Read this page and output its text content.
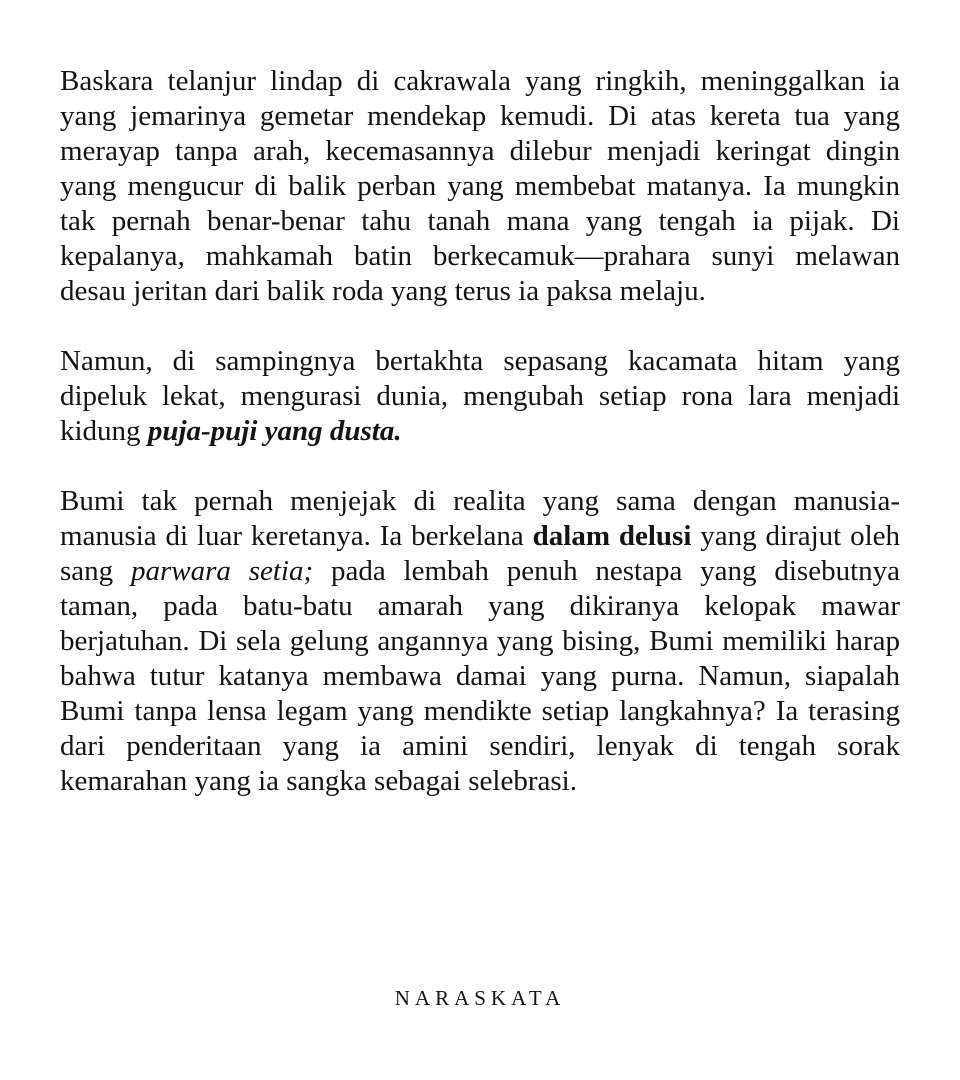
Baskara telanjur lindap di cakrawala yang ringkih, meninggalkan ia yang jemarinya gemetar mendekap kemudi. Di atas kereta tua yang merayap tanpa arah, kecemasannya dilebur menjadi keringat dingin yang mengucur di balik perban yang membebat matanya. Ia mungkin tak pernah benar-benar tahu tanah mana yang tengah ia pijak. Di kepalanya, mahkamah batin berkecamuk—prahara sunyi melawan desau jeritan dari balik roda yang terus ia paksa melaju.

Namun, di sampingnya bertakhta sepasang kacamata hitam yang dipeluk lekat, mengurasi dunia, mengubah setiap rona lara menjadi kidung puja-puji yang dusta.

Bumi tak pernah menjejak di realita yang sama dengan manusia-manusia di luar keretanya. Ia berkelana dalam delusi yang dirajut oleh sang parwara setia; pada lembah penuh nestapa yang disebutnya taman, pada batu-batu amarah yang dikiranya kelopak mawar berjatuhan. Di sela gelung angannya yang bising, Bumi memiliki harap bahwa tutur katanya membawa damai yang purna. Namun, siapalah Bumi tanpa lensa legam yang mendikte setiap langkahnya? Ia terasing dari penderitaan yang ia amini sendiri, lenyak di tengah sorak kemarahan yang ia sangka sebagai selebrasi.

NARASKATA
